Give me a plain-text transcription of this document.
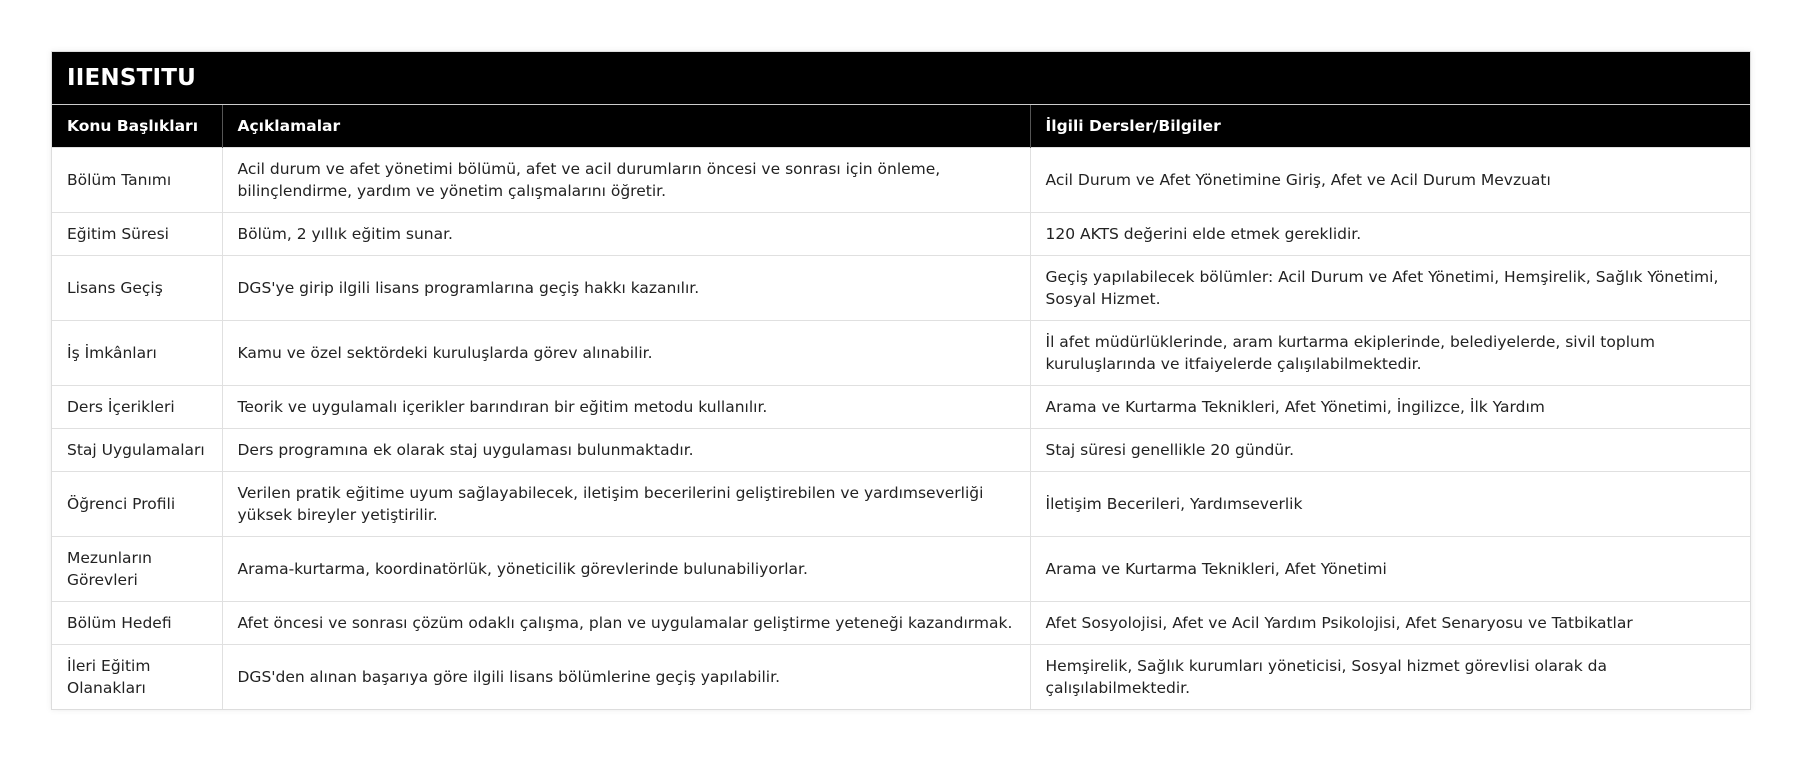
IIENSTITU
Konu Başlıkları	Açıklamalar	İlgili Dersler/Bilgiler
Bölüm Tanımı	Acil durum ve afet yönetimi bölümü, afet ve acil durumların öncesi ve sonrası için önleme, bilinçlendirme, yardım ve yönetim çalışmalarını öğretir.	Acil Durum ve Afet Yönetimine Giriş, Afet ve Acil Durum Mevzuatı
Eğitim Süresi	Bölüm, 2 yıllık eğitim sunar.	120 AKTS değerini elde etmek gereklidir.
Lisans Geçiş	DGS'ye girip ilgili lisans programlarına geçiş hakkı kazanılır.	Geçiş yapılabilecek bölümler: Acil Durum ve Afet Yönetimi, Hemşirelik, Sağlık Yönetimi, Sosyal Hizmet.
İş İmkânları	Kamu ve özel sektördeki kuruluşlarda görev alınabilir.	İl afet müdürlüklerinde, aram kurtarma ekiplerinde, belediyelerde, sivil toplum kuruluşlarında ve itfaiyelerde çalışılabilmektedir.
Ders İçerikleri	Teorik ve uygulamalı içerikler barındıran bir eğitim metodu kullanılır.	Arama ve Kurtarma Teknikleri, Afet Yönetimi, İngilizce, İlk Yardım
Staj Uygulamaları	Ders programına ek olarak staj uygulaması bulunmaktadır.	Staj süresi genellikle 20 gündür.
Öğrenci Profili	Verilen pratik eğitime uyum sağlayabilecek, iletişim becerilerini geliştirebilen ve yardımseverliği yüksek bireyler yetiştirilir.	İletişim Becerileri, Yardımseverlik
Mezunların Görevleri	Arama-kurtarma, koordinatörlük, yöneticilik görevlerinde bulunabiliyorlar.	Arama ve Kurtarma Teknikleri, Afet Yönetimi
Bölüm Hedefi	Afet öncesi ve sonrası çözüm odaklı çalışma, plan ve uygulamalar geliştirme yeteneği kazandırmak.	Afet Sosyolojisi, Afet ve Acil Yardım Psikolojisi, Afet Senaryosu ve Tatbikatlar
İleri Eğitim Olanakları	DGS'den alınan başarıya göre ilgili lisans bölümlerine geçiş yapılabilir.	Hemşirelik, Sağlık kurumları yöneticisi, Sosyal hizmet görevlisi olarak da çalışılabilmektedir.
